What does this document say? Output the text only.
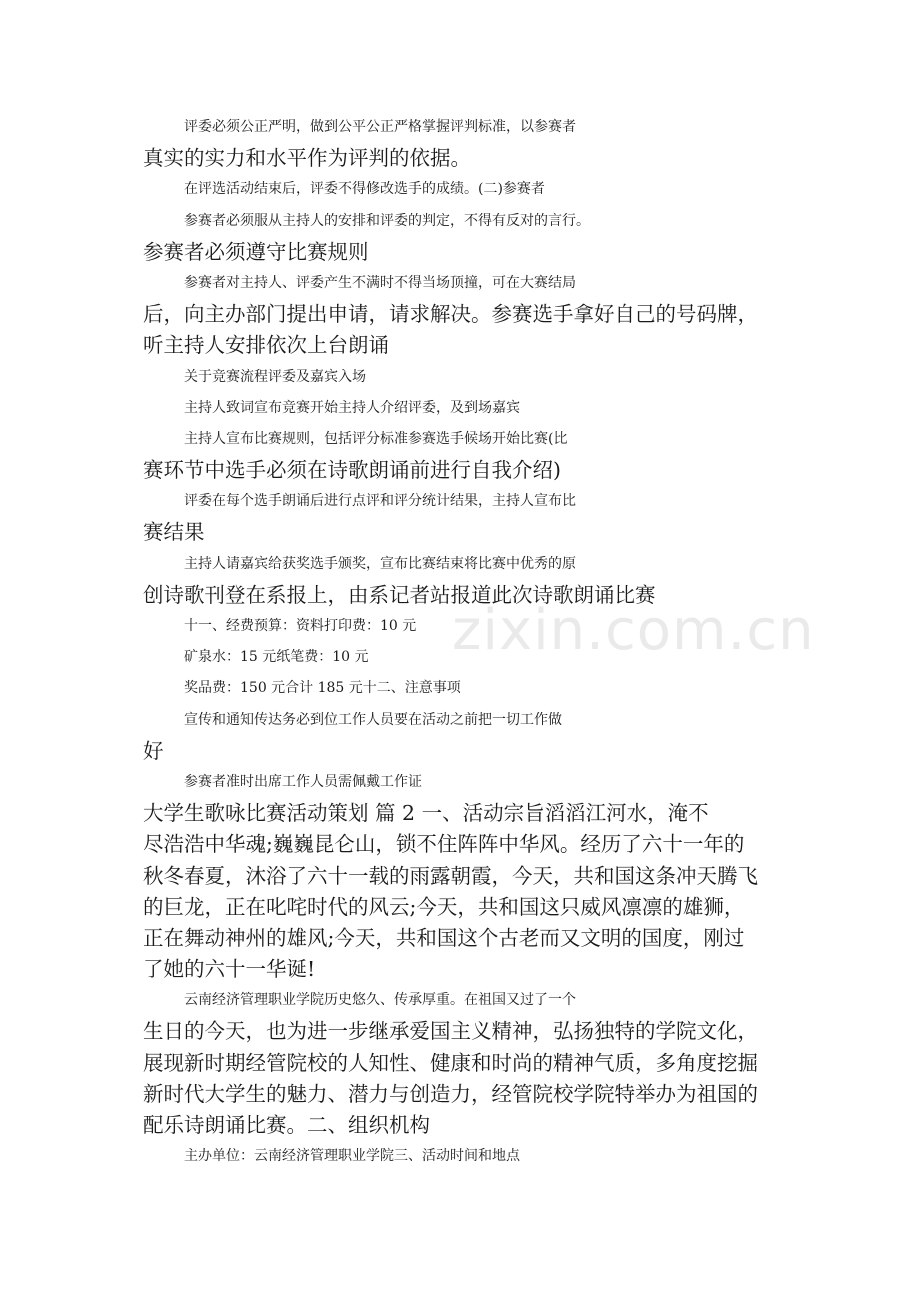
评委必须公正严明，做到公平公正严格掌握评判标准，以参赛者
真实的实力和水平作为评判的依据。
在评选活动结束后，评委不得修改选手的成绩。(二)参赛者
参赛者必须服从主持人的安排和评委的判定，不得有反对的言行。
参赛者必须遵守比赛规则
参赛者对主持人、评委产生不满时不得当场顶撞，可在大赛结局
后，向主办部门提出申请，请求解决。参赛选手拿好自己的号码牌，
听主持人安排依次上台朗诵
关于竞赛流程评委及嘉宾入场
主持人致词宣布竞赛开始主持人介绍评委，及到场嘉宾
主持人宣布比赛规则，包括评分标准参赛选手候场开始比赛(比
赛环节中选手必须在诗歌朗诵前进行自我介绍)
评委在每个选手朗诵后进行点评和评分统计结果，主持人宣布比
赛结果
主持人请嘉宾给获奖选手颁奖，宣布比赛结束将比赛中优秀的原
创诗歌刊登在系报上，由系记者站报道此次诗歌朗诵比赛
十一、经费预算：资料打印费：10 元
矿泉水：15 元纸笔费：10 元
奖品费：150 元合计 185 元十二、注意事项
宣传和通知传达务必到位工作人员要在活动之前把一切工作做
好
参赛者准时出席工作人员需佩戴工作证
大学生歌咏比赛活动策划 篇 2 一、活动宗旨滔滔江河水，淹不
尽浩浩中华魂;巍巍昆仑山，锁不住阵阵中华风。经历了六十一年的
秋冬春夏，沐浴了六十一载的雨露朝霞，今天，共和国这条冲天腾飞
的巨龙，正在叱咤时代的风云;今天，共和国这只威风凛凛的雄狮，
正在舞动神州的雄风;今天，共和国这个古老而又文明的国度，刚过
了她的六十一华诞!
云南经济管理职业学院历史悠久、传承厚重。在祖国又过了一个
生日的今天，也为进一步继承爱国主义精神，弘扬独特的学院文化，
展现新时期经管院校的人知性、健康和时尚的精神气质，多角度挖掘
新时代大学生的魅力、潜力与创造力，经管院校学院特举办为祖国的
配乐诗朗诵比赛。二、组织机构
主办单位：云南经济管理职业学院三、活动时间和地点
zixin.com.cn
